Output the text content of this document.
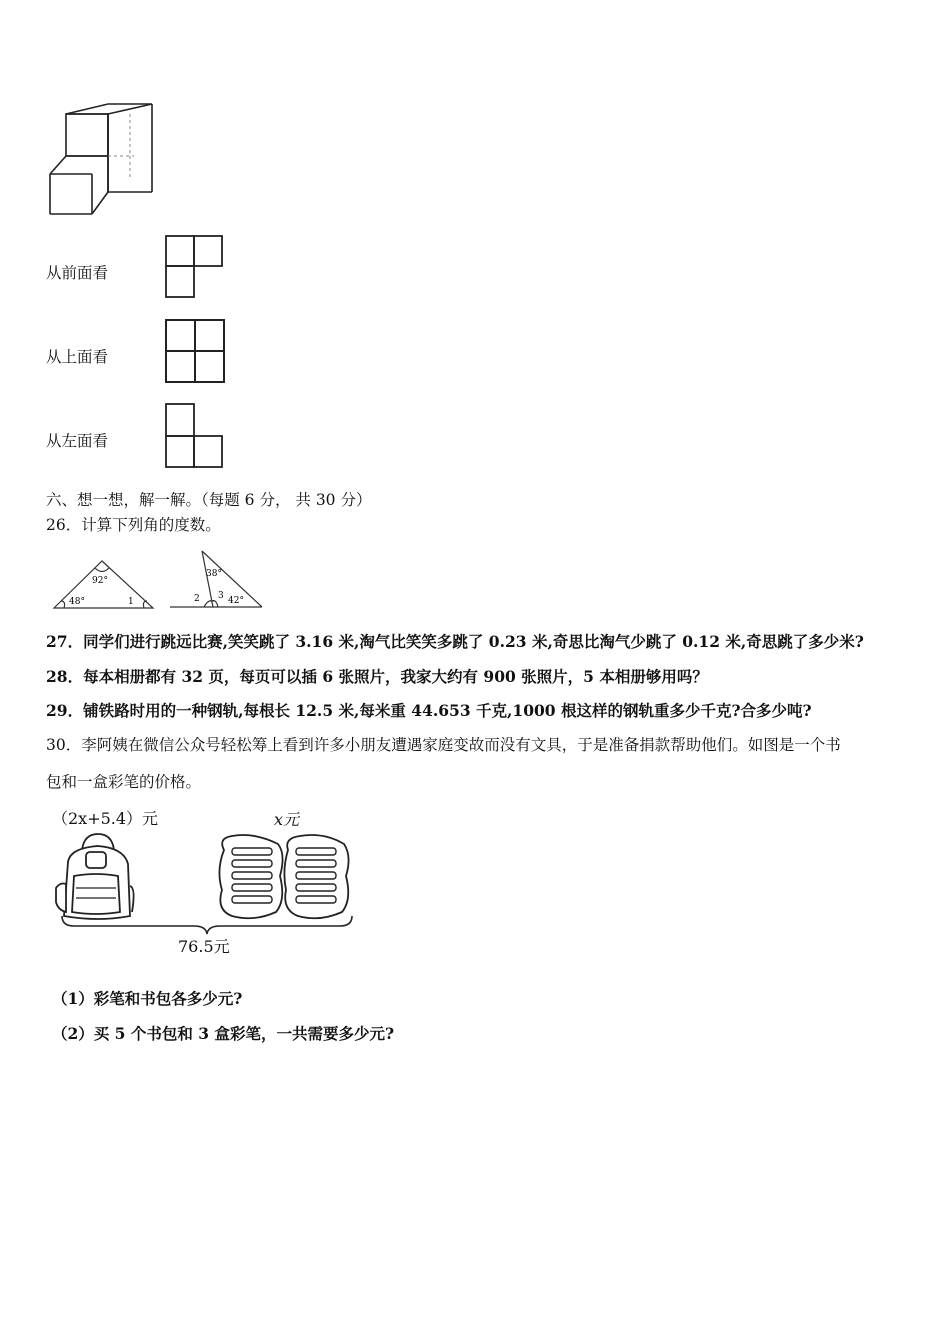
从前面看
从上面看
从左面看
六、想一想，解一解。（每题 6 分， 共 30 分）
26．计算下列角的度数。
92°
48°	1
38°
2 3 42°
27．同学们进行跳远比赛,笑笑跳了 3.16 米,淘气比笑笑多跳了 0.23 米,奇思比淘气少跳了 0.12 米,奇思跳了多少米?
28．每本相册都有 32 页，每页可以插 6 张照片，我家大约有 900 张照片，5 本相册够用吗？
29．铺铁路时用的一种钢轨,每根长 12.5 米,每米重 44.653 千克,1000 根这样的钢轨重多少千克?合多少吨?
30．李阿姨在微信公众号轻松筹上看到许多小朋友遭遇家庭变故而没有文具，于是准备捐款帮助他们。如图是一个书
包和一盒彩笔的价格。
（2x+5.4）元	x元
76.5元
（1）彩笔和书包各多少元?
（2）买 5 个书包和 3 盒彩笔，一共需要多少元?
